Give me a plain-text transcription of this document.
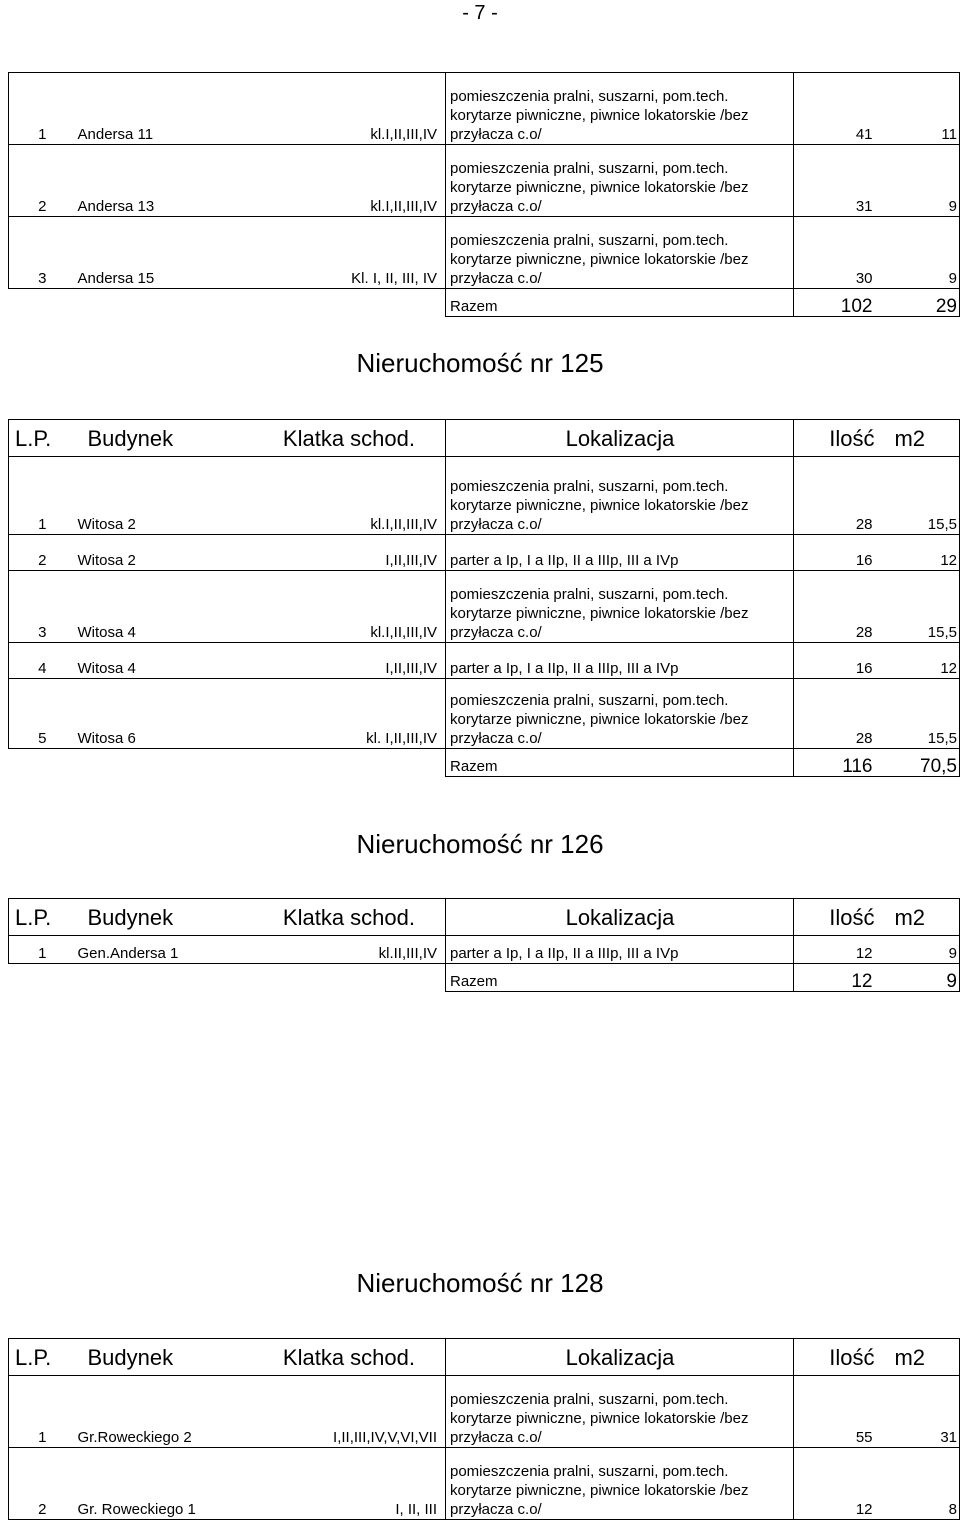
- 7 -
1	Andersa 11	kl.I,II,III,IV	pomieszczenia pralni, suszarni, pom.tech.
korytarze piwniczne, piwnice lokatorskie /bez
przyłacza c.o/	41	11
2	Andersa 13	kl.I,II,III,IV	pomieszczenia pralni, suszarni, pom.tech.
korytarze piwniczne, piwnice lokatorskie /bez
przyłacza c.o/	31	9
3	Andersa 15	Kl. I, II, III, IV	pomieszczenia pralni, suszarni, pom.tech.
korytarze piwniczne, piwnice lokatorskie /bez
przyłacza c.o/	30	9
			Razem	102	29
Nieruchomość nr 125
L.P.	Budynek	Klatka schod.	Lokalizacja	Ilość	m2
1	Witosa 2	kl.I,II,III,IV	pomieszczenia pralni, suszarni, pom.tech.
korytarze piwniczne, piwnice lokatorskie /bez
przyłacza c.o/	28	15,5
2	Witosa 2	I,II,III,IV	parter a Ip, I a IIp, II a IIIp, III a IVp	16	12
3	Witosa 4	kl.I,II,III,IV	pomieszczenia pralni, suszarni, pom.tech.
korytarze piwniczne, piwnice lokatorskie /bez
przyłacza c.o/	28	15,5
4	Witosa 4	I,II,III,IV	parter a Ip, I a IIp, II a IIIp, III a IVp	16	12
5	Witosa 6	kl. I,II,III,IV	pomieszczenia pralni, suszarni, pom.tech.
korytarze piwniczne, piwnice lokatorskie /bez
przyłacza c.o/	28	15,5
			Razem	116	70,5
Nieruchomość nr 126
L.P.	Budynek	Klatka schod.	Lokalizacja	Ilość	m2
1	Gen.Andersa 1	kl.II,III,IV	parter a Ip, I a IIp, II a IIIp, III a IVp	12	9
			Razem	12	9
Nieruchomość nr 128
L.P.	Budynek	Klatka schod.	Lokalizacja	Ilość	m2
1	Gr.Roweckiego 2	I,II,III,IV,V,VI,VII	pomieszczenia pralni, suszarni, pom.tech.
korytarze piwniczne, piwnice lokatorskie /bez
przyłacza c.o/	55	31
2	Gr. Roweckiego 1	I, II, III	pomieszczenia pralni, suszarni, pom.tech.
korytarze piwniczne, piwnice lokatorskie /bez
przyłacza c.o/	12	8
